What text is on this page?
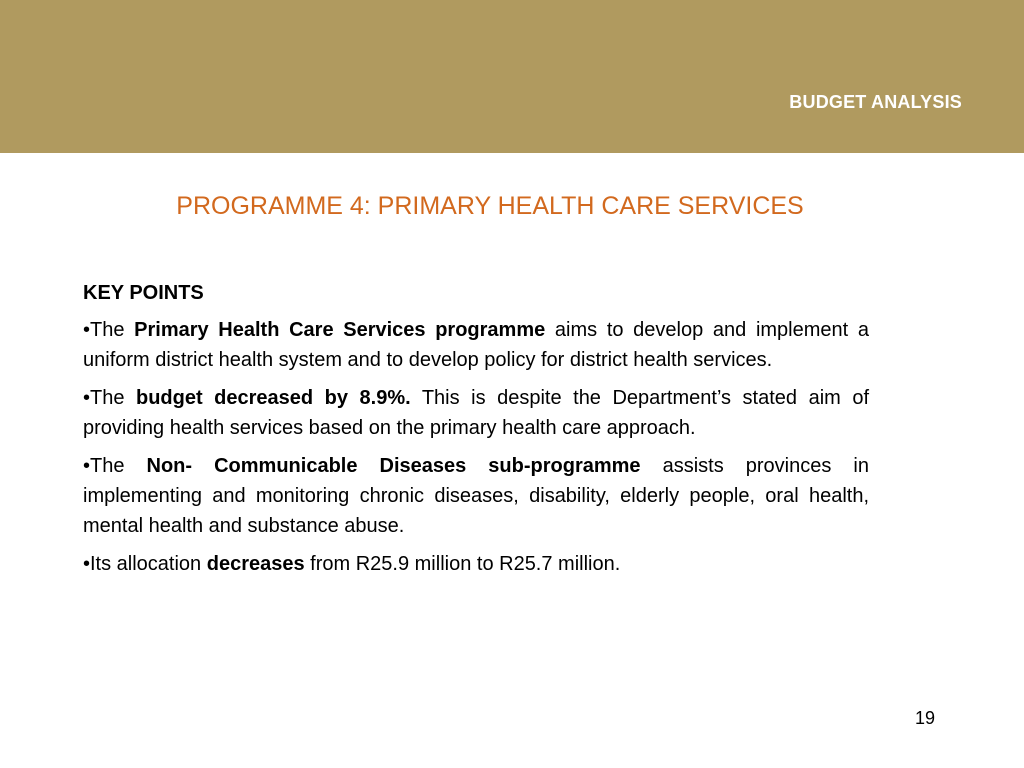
BUDGET ANALYSIS
PROGRAMME 4: PRIMARY HEALTH CARE SERVICES

KEY POINTS

•The Primary Health Care Services programme aims to develop and implement a uniform district health system and to develop policy for district health services.

•The budget decreased by 8.9%. This is despite the Department’s stated aim of providing health services based on the primary health care approach.

•The Non- Communicable Diseases sub-programme assists provinces in implementing and monitoring chronic diseases, disability, elderly people, oral health, mental health and substance abuse.

•Its allocation decreases from R25.9 million to R25.7 million.

19
